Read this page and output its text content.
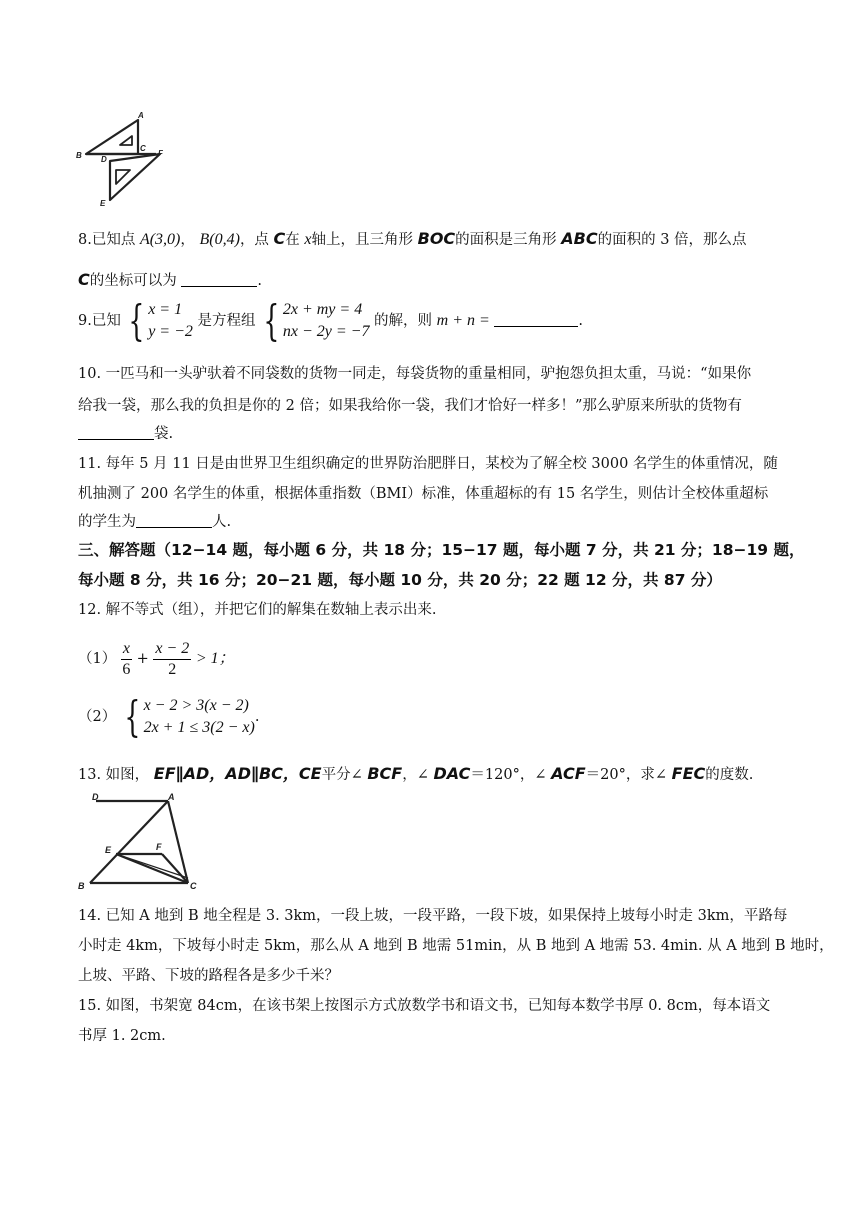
A
B
C
D
E
F
8.已知点 A(3,0)， B(0,4)，点 C在 x轴上，且三角形 BOC的面积是三角形 ABC的面积的 3 倍，那么点
C的坐标可以为	.
9.已知 { x = 1
y = −2
是方程组 { 2x + my = 4
nx − 2y = −7
的解，则 m + n =	.
10. 一匹马和一头驴驮着不同袋数的货物一同走，每袋货物的重量相同，驴抱怨负担太重，马说：“如果你
给我一袋，那么我的负担是你的 2 倍；如果我给你一袋，我们才恰好一样多！”那么驴原来所驮的货物有
袋.
11. 每年 5 月 11 日是由世界卫生组织确定的世界防治肥胖日，某校为了解全校 3000 名学生的体重情况，随
机抽测了 200 名学生的体重，根据体重指数（BMI）标准，体重超标的有 15 名学生，则估计全校体重超标
的学生为	人.
三、解答题（12−14 题，每小题 6 分，共 18 分；15−17 题，每小题 7 分，共 21 分；18−19 题，
每小题 8 分，共 16 分；20−21 题，每小题 10 分，共 20 分；22 题 12 分，共 87 分）
12. 解不等式（组），并把它们的解集在数轴上表示出来.
$(1) \frac{x}{6} + \frac{x - 2}{2} > 1$；
（2） { x − 2 > 3(x − 2)
2x + 1 ≤ 3(2 − x)
.
13. 如图， EF∥AD，AD∥BC，CE平分∠ BCF，∠ DAC＝120°，∠ ACF＝20°，求∠ FEC的度数.
D	A
E	F
B	C
14. 已知 A 地到 B 地全程是 3. 3km，一段上坡，一段平路，一段下坡，如果保持上坡每小时走 3km，平路每
小时走 4km，下坡每小时走 5km，那么从 A 地到 B 地需 51min，从 B 地到 A 地需 53. 4min. 从 A 地到 B 地时，
上坡、平路、下坡的路程各是多少千米？
15. 如图，书架宽 84cm，在该书架上按图示方式放数学书和语文书，已知每本数学书厚 0. 8cm，每本语文
书厚 1. 2cm.
